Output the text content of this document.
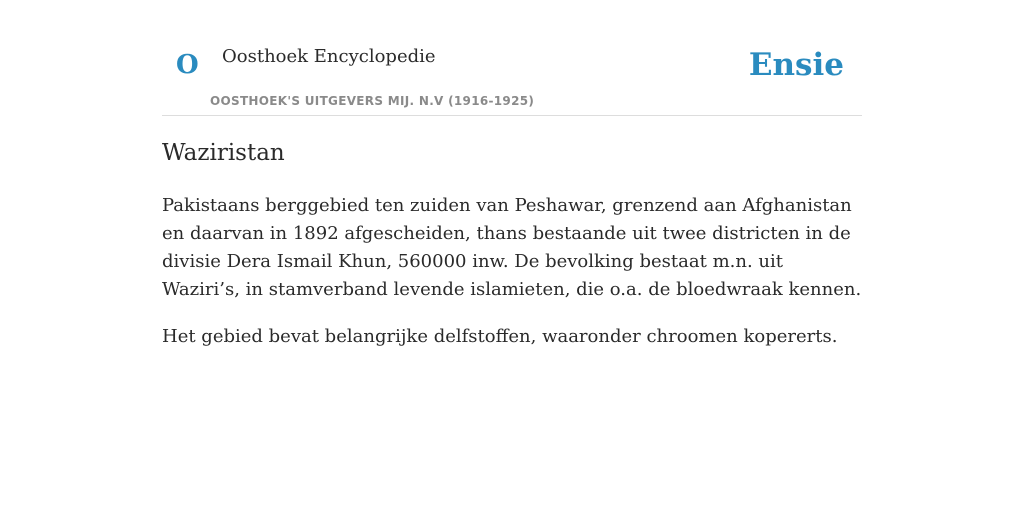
O Oosthoek Encyclopedie
OOSTHOEK'S UITGEVERS MIJ. N.V (1916-1925)
Ensie
Waziristan

Pakistaans berggebied ten zuiden van Peshawar, grenzend aan Afghanistan en daarvan in 1892 afgescheiden, thans bestaande uit twee districten in de divisie Dera Ismail Khun, 560000 inw. De bevolking bestaat m.n. uit Waziri’s, in stamverband levende islamieten, die o.a. de bloedwraak kennen.

Het gebied bevat belangrijke delfstoffen, waaronder chroomen kopererts.
